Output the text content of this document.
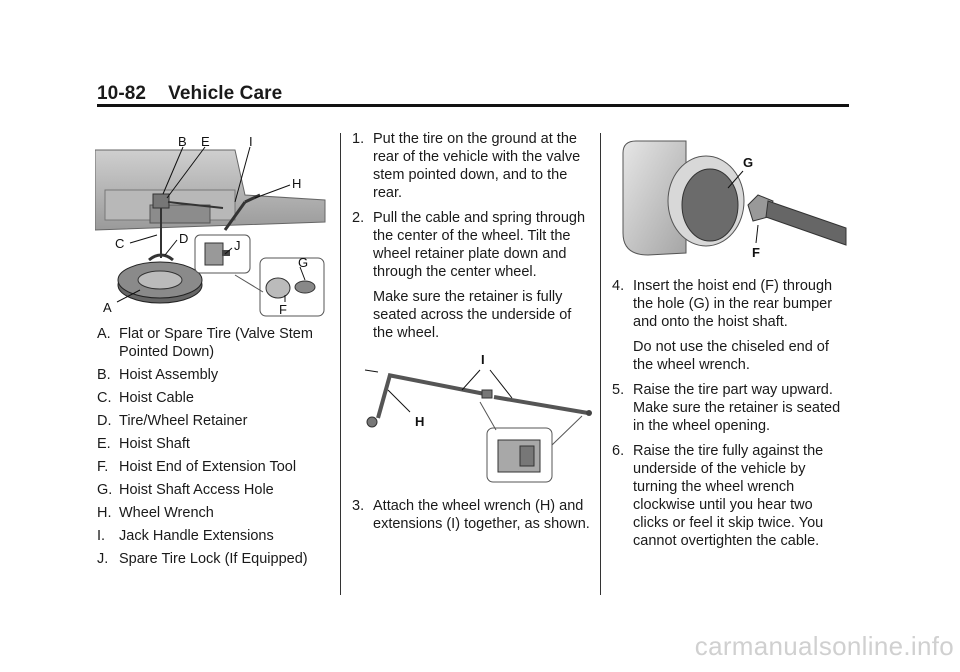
10-82 Vehicle Care
B E	I
H
C	D	J
G
F
A
A. Flat or Spare Tire (Valve Stem Pointed Down)
B. Hoist Assembly
C. Hoist Cable
D. Tire/Wheel Retainer
E. Hoist Shaft
F. Hoist End of Extension Tool
G. Hoist Shaft Access Hole
H. Wheel Wrench
I. Jack Handle Extensions
J. Spare Tire Lock (If Equipped)
1. Put the tire on the ground at the rear of the vehicle with the valve stem pointed down, and to the rear.
2. Pull the cable and spring through the center of the wheel. Tilt the wheel retainer plate down and through the center wheel.
Make sure the retainer is fully seated across the underside of the wheel.
I
H
3. Attach the wheel wrench (H) and extensions (I) together, as shown.
G
F
4. Insert the hoist end (F) through the hole (G) in the rear bumper and onto the hoist shaft.
Do not use the chiseled end of the wheel wrench.
5. Raise the tire part way upward. Make sure the retainer is seated in the wheel opening.
6. Raise the tire fully against the underside of the vehicle by turning the wheel wrench clockwise until you hear two clicks or feel it skip twice. You cannot overtighten the cable.
carmanualsonline.info
